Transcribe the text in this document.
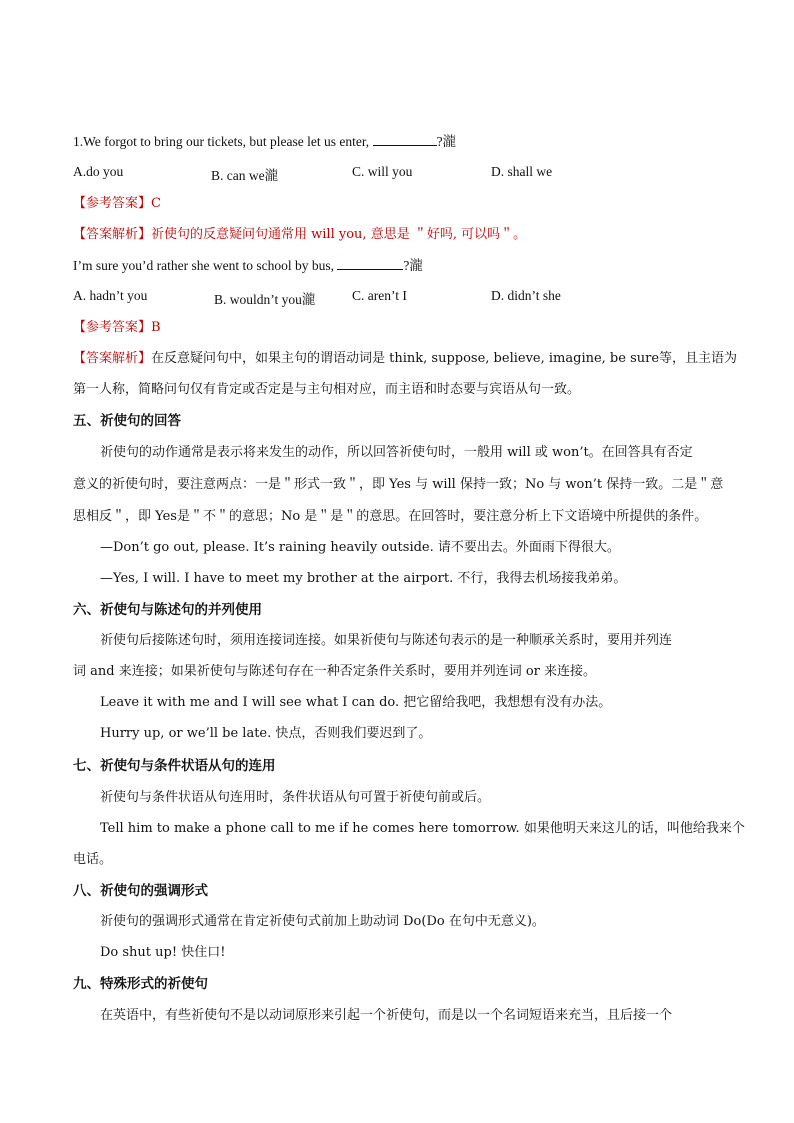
1.We forgot to bring our tickets, but please let us enter,	?瀧
A.do you	B. can we瀧	C. will you	D. shall we
【参考答案】C
【答案解析】祈使句的反意疑问句通常用 will you, 意思是 ＂好吗, 可以吗＂。
I’m sure you’d rather she went to school by bus,	?瀧
A. hadn’t you	B. wouldn’t you瀧	C. aren’t I	D. didn’t she
【参考答案】B
【答案解析】在反意疑问句中，如果主句的谓语动词是 think, suppose, believe, imagine, be sure等，且主语为
第一人称，简略问句仅有肯定或否定是与主句相对应，而主语和时态要与宾语从句一致。
五、祈使句的回答
祈使句的动作通常是表示将来发生的动作，所以回答祈使句时，一般用 will 或 won’t。在回答具有否定
意义的祈使句时，要注意两点：一是＂形式一致＂，即 Yes 与 will 保持一致；No 与 won’t 保持一致。二是＂意
思相反＂，即 Yes是＂不＂的意思；No 是＂是＂的意思。在回答时，要注意分析上下文语境中所提供的条件。
—Don’t go out, please. It’s raining heavily outside. 请不要出去。外面雨下得很大。
—Yes, I will. I have to meet my brother at the airport. 不行，我得去机场接我弟弟。
六、祈使句与陈述句的并列使用
祈使句后接陈述句时，须用连接词连接。如果祈使句与陈述句表示的是一种顺承关系时，要用并列连
词 and 来连接；如果祈使句与陈述句存在一种否定条件关系时，要用并列连词 or 来连接。
Leave it with me and I will see what I can do. 把它留给我吧，我想想有没有办法。
Hurry up, or we’ll be late. 快点，否则我们要迟到了。
七、祈使句与条件状语从句的连用
祈使句与条件状语从句连用时，条件状语从句可置于祈使句前或后。
Tell him to make a phone call to me if he comes here tomorrow. 如果他明天来这儿的话，叫他给我来个
电话。
八、祈使句的强调形式
祈使句的强调形式通常在肯定祈使句式前加上助动词 Do(Do 在句中无意义)。
Do shut up! 快住口!
九、特殊形式的祈使句
在英语中，有些祈使句不是以动词原形来引起一个祈使句，而是以一个名词短语来充当，且后接一个
